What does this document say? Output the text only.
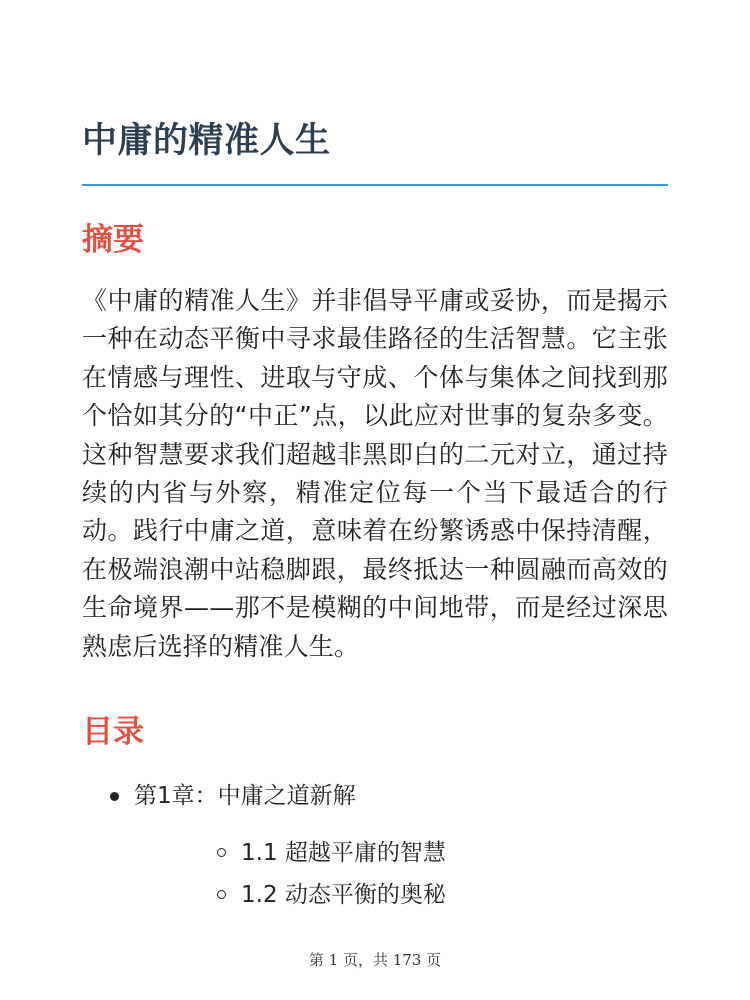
中庸的精准人生
摘要

《中庸的精准人生》并非倡导平庸或妥协，而是揭示一种在动态平衡中寻求最佳路径的生活智慧。它主张在情感与理性、进取与守成、个体与集体之间找到那个恰如其分的“中正”点，以此应对世事的复杂多变。这种智慧要求我们超越非黑即白的二元对立，通过持续的内省与外察，精准定位每一个当下最适合的行动。践行中庸之道，意味着在纷繁诱惑中保持清醒，在极端浪潮中站稳脚跟，最终抵达一种圆融而高效的生命境界——那不是模糊的中间地带，而是经过深思熟虑后选择的精准人生。

目录
第1章：中庸之道新解
1.1 超越平庸的智慧
1.2 动态平衡的奥秘
第 1 页，共 173 页
